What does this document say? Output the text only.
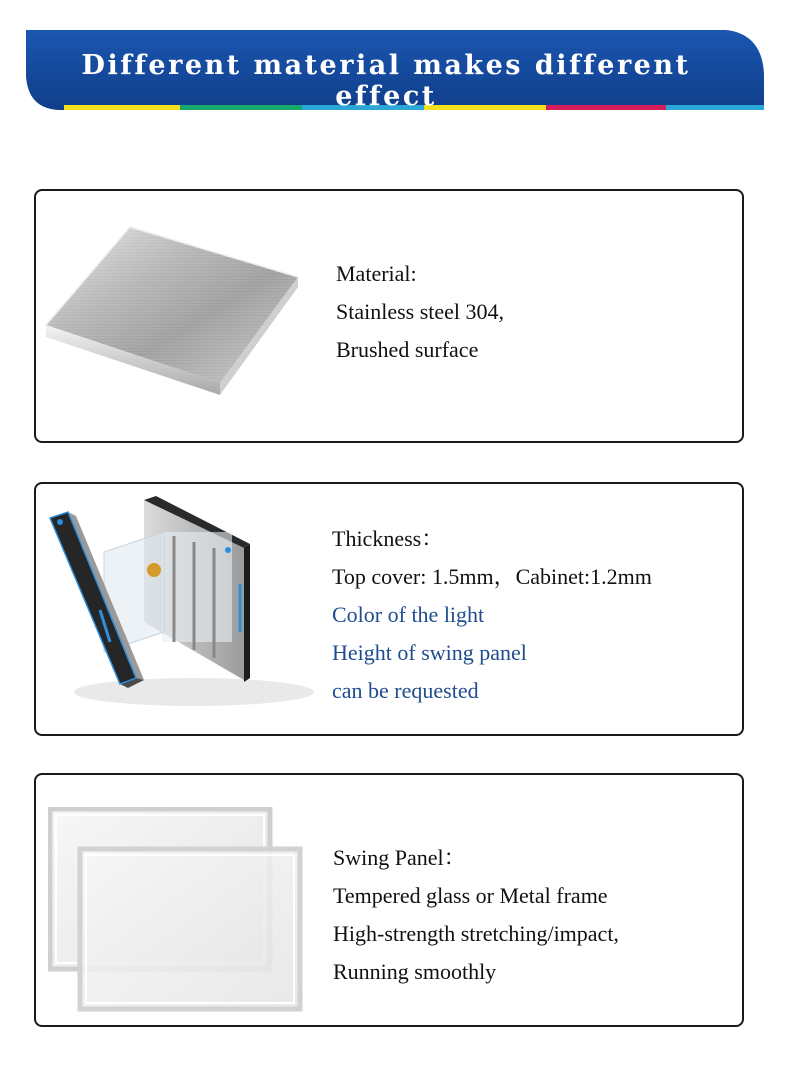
Different material makes different effect
Material:
Stainless steel 304,
Brushed surface
Thickness：
Top cover: 1.5mm，Cabinet:1.2mm
Color of the light
Height of swing panel
can be requested
Swing Panel：
Tempered glass or Metal frame
High-strength stretching/impact,
Running smoothly
